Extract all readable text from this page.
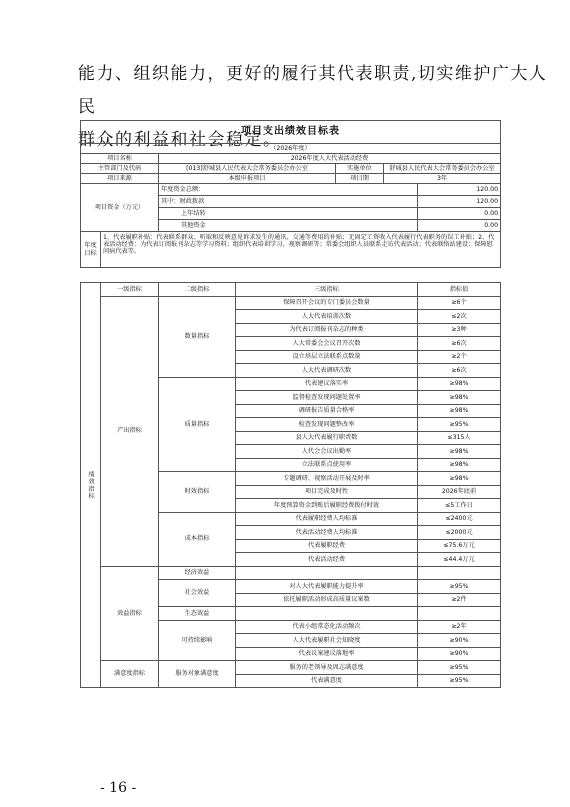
能力、组织能力，更好的履行其代表职责,切实维护广大人民

群众的利益和社会稳定。

项目支出绩效目标表						
（2026年度）						
项目名称		2026年度人大代表活动经费				
主管部门及代码		[013]舒城县人民代表大会常务委员会办公室		实施单位	舒城县人民代表大会常务委员会办公室	
项目来源		本级申报项目		项目期	3年	
项目资金（万元）		年度资金总额：				120.00
		其中：财政拨款				120.00
		上年结转				0.00
		其他资金				0.00
年度目标	1、代表履职补贴：代表联系群众、听取和反映意见诉求发生的通讯、交通等费用的补贴；无固定工资收入代表履行代表职务的误工补贴；2、代表活动经费：为代表订阅报刊杂志等学习资料；组织代表培训学习、视察调研等；常委会组织人员联系走访代表活动；代表联络站建设；保障慰问病代表等。					

绩效指标	一级指标	二级指标	三级指标			指标值
	产出指标	数量指标	保障召开会议的专门委员会数量			≥6个
			人大代表培训次数			≤2次
			为代表订阅报刊杂志的种类			≥3种
			人大常委会会议召开次数			≥6次
			设立基层立法联系点数量			≥2个
			人大代表调研次数			≥6次
		质量指标	代表建议落实率			≥98%
			监督检查发现问题处置率			≥98%
			调研报告质量合格率			≥98%
			检查发现问题整改率			≥95%
			县人大代表履行职责数			≤315人
			人代会会议出勤率			≥98%
			立法联系点使用率			≥98%
		时效指标	专题调研、视察活动开展及时率			≥98%
			项目完成及时性			2026年底前
			年度预算资金到账后履职经费拨付时效			≤5工作日
		成本指标	代表履职经费人均标准			≤2400元
			代表活动经费人均标准			≤2000元
			代表履职经费			≤75.6万元
			代表活动经费			≤44.4万元
	效益指标	经济效益				
		社会效益	对人大代表履职能力提升率			≥95%
			依托履职活动形成高质量议案数			≥2件
		生态效益				
		可持续影响	代表小组常态化活动频次			≥2年
			人大代表履职社会知晓度			≥90%
			代表议案建议落地率			≥90%
	满意度指标	服务对象满意度	服务的老领导及周志满意度			≥95%
			代表满意度			≥95%
- 16 -
